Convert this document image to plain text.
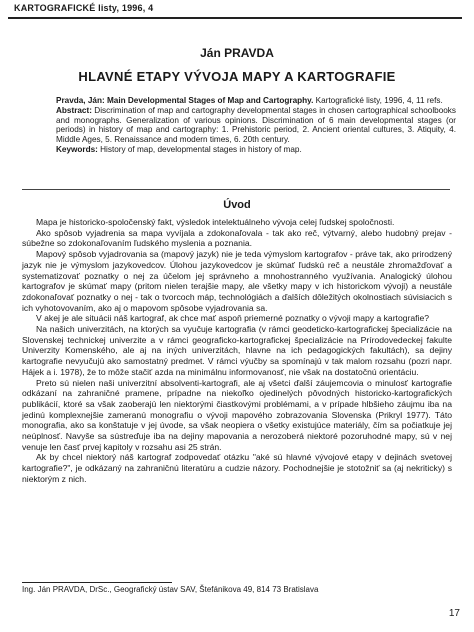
KARTOGRAFICKÉ listy, 1996, 4
Ján PRAVDA
HLAVNÉ ETAPY VÝVOJA MAPY A KARTOGRAFIE

Pravda, Ján: Main Developmental Stages of Map and Cartography. Kartografické listy, 1996, 4, 11 refs.

Abstract: Discrimination of map and cartography developmental stages in chosen cartographical schoolbooks and monographs. Generalization of various opinions. Discrimination of 6 main developmental stages (or periods) in history of map and cartography: 1. Prehistoric period, 2. Ancient oriental cultures, 3. Atiquity, 4. Middle Ages, 5. Renaissance and modern times, 6. 20th century.

Keywords: History of map, developmental stages in history of map.

Úvod

Mapa je historicko-spoločenský fakt, výsledok intelektuálneho vývoja celej ľudskej spoločnosti.

Ako spôsob vyjadrenia sa mapa vyvíjala a zdokonaľovala - tak ako reč, výtvarný, alebo hudobný prejav - súbežne so zdokonaľovaním ľudského myslenia a poznania.

Mapový spôsob vyjadrovania sa (mapový jazyk) nie je teda výmyslom kartografov - práve tak, ako prirodzený jazyk nie je výmyslom jazykovedcov. Úlohou jazykovedcov je skúmať ľudskú reč a neustále zhromažďovať a systematizovať poznatky o nej za účelom jej správneho a mnohostranného využívania. Analogický úlohou kartografov je skúmať mapy (pritom nielen terajšie mapy, ale všetky mapy v ich historickom vývoji) a neustále zdokonaľovať poznatky o nej - tak o tvorcoch máp, technológiách a ďalších dôležitých okolnostiach súvisiacich s ich vyhotovovaním, ako aj o mapovom spôsobe vyjadrovania sa.

V akej je ale situácii náš kartograf, ak chce mať aspoň priemerné poznatky o vývoji mapy a kartografie?

Na našich univerzitách, na ktorých sa vyučuje kartografia (v rámci geodeticko-kartografickej špecializácie na Slovenskej technickej univerzite a v rámci geograficko-kartografickej špecializácie na Prírodovedeckej fakulte Univerzity Komenského, ale aj na iných univerzitách, hlavne na ich pedagogických fakultách), sa dejiny kartografie nevyučujú ako samostatný predmet. V rámci výučby sa spomínajú v tak malom rozsahu (pozri napr. Hájek a i. 1978), že to môže stačiť azda na minimálnu informovanosť, nie však na dostatočnú orientáciu.

Preto sú nielen naši univerzitní absolventi-kartografi, ale aj všetci ďalší záujemcovia o minulosť kartografie odkázaní na zahraničné pramene, prípadne na niekoľko ojedinelých pôvodných historicko-kartografických publikácií, ktoré sa však zaoberajú len niektorými čiastkovými problémami, a v prípade hlbšieho záujmu iba na jedinú komplexnejšie zameranú monografiu o vývoji mapového zobrazovania Slovenska (Prikryl 1977). Táto monografia, ako sa konštatuje v jej úvode, sa však neopiera o všetky existujúce materiály, čím sa počiatkuje jej neúplnosť. Navyše sa sústreďuje iba na dejiny mapovania a nerozoberá niektoré pozoruhodné mapy, sú v nej venuje len časť prvej kapitoly v rozsahu asi 25 strán.

Ak by chcel niektorý náš kartograf zodpovedať otázku "aké sú hlavné vývojové etapy v dejinách svetovej kartografie?", je odkázaný na zahraničnú literatúru a cudzie názory. Pochodnejšie je stotožniť sa (aj nekriticky) s niektorým z nich.

Ing. Ján PRAVDA, DrSc., Geografický ústav SAV, Štefánikova 49, 814 73 Bratislava
17
